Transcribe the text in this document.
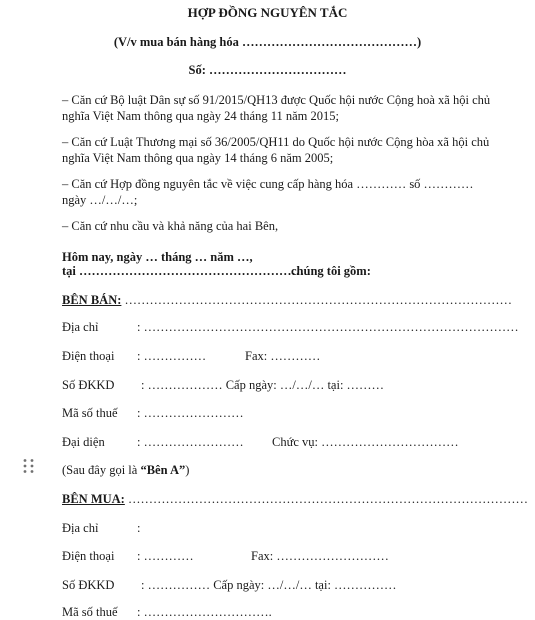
HỢP ĐỒNG NGUYÊN TẮC
(V/v mua bán hàng hóa ……………………………………)
Số: ……………………………
– Căn cứ Bộ luật Dân sự số 91/2015/QH13 được Quốc hội nước Cộng hoà xã hội chủ
nghĩa Việt Nam thông qua ngày 24 tháng 11 năm 2015;
– Căn cứ Luật Thương mại số 36/2005/QH11 do Quốc hội nước Cộng hòa xã hội chủ
nghĩa Việt Nam thông qua ngày 14 tháng 6 năm 2005;
– Căn cứ Hợp đồng nguyên tắc về việc cung cấp hàng hóa ………… số …………
ngày …/…/…;
– Căn cứ nhu cầu và khả năng của hai Bên,
Hôm nay, ngày … tháng … năm …,
tại ………………………………………………
chúng tôi gồm:
BÊN BÁN: …………………………………………………………………………………
Địa chỉ	: ………………………………………………………………………………
Điện thoại : ……………	Fax: …………
Số ĐKKD : ……………… Cấp ngày: …/…/… tại: ………
Mã số thuế : ……………………
Đại diện	: …………………… Chức vụ: ……………………………
(Sau đây gọi là “Bên A”)
BÊN MUA: ……………………………………………………………………………………
Địa chỉ	:
Điện thoại : …………	Fax: ………………………
Số ĐKKD : …………… Cấp ngày: …/…/… tại: ……………
Mã số thuế : ………………………….
